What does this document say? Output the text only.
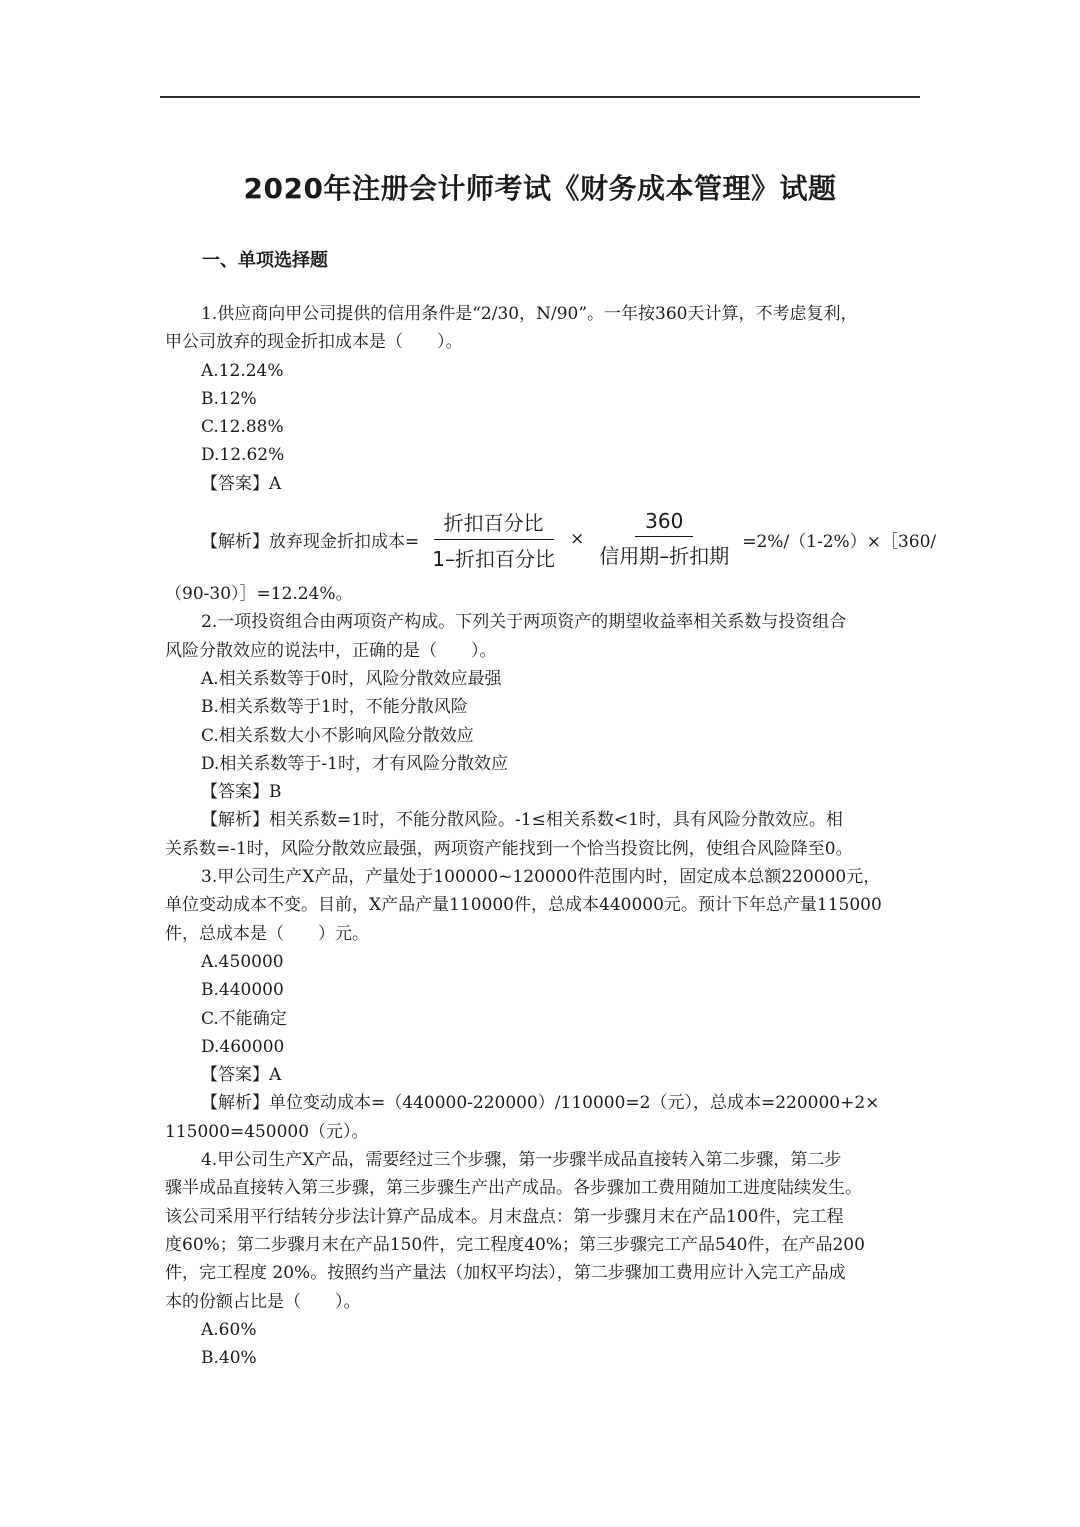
2020年注册会计师考试《财务成本管理》试题
一、单项选择题
1.供应商向甲公司提供的信用条件是“2/30，N/90”。一年按360天计算，不考虑复利，
甲公司放弃的现金折扣成本是（　　）。
A.12.24%
B.12%
C.12.88%
D.12.62%
【答案】A
【解析】放弃现金折扣成本= $\frac{\text{折扣百分比}}{\text{1–折扣百分比}} \times \frac{360}{\text{信用期–折扣期}}$ =2%/（1-2%）×［360/
（90-30）］=12.24%。
2.一项投资组合由两项资产构成。下列关于两项资产的期望收益率相关系数与投资组合
风险分散效应的说法中，正确的是（　　）。
A.相关系数等于0时，风险分散效应最强
B.相关系数等于1时，不能分散风险
C.相关系数大小不影响风险分散效应
D.相关系数等于-1时，才有风险分散效应
【答案】B
【解析】相关系数=1时，不能分散风险。-1≤相关系数<1时，具有风险分散效应。相
关系数=-1时，风险分散效应最强，两项资产能找到一个恰当投资比例，使组合风险降至0。
3.甲公司生产X产品，产量处于100000~120000件范围内时，固定成本总额220000元，
单位变动成本不变。目前，X产品产量110000件，总成本440000元。预计下年总产量115000
件，总成本是（　　）元。
A.450000
B.440000
C.不能确定
D.460000
【答案】A
【解析】单位变动成本=（440000-220000）/110000=2（元），总成本=220000+2×
115000=450000（元）。
4.甲公司生产X产品，需要经过三个步骤，第一步骤半成品直接转入第二步骤，第二步
骤半成品直接转入第三步骤，第三步骤生产出产成品。各步骤加工费用随加工进度陆续发生。
该公司采用平行结转分步法计算产品成本。月末盘点：第一步骤月末在产品100件，完工程
度60%；第二步骤月末在产品150件，完工程度40%；第三步骤完工产品540件，在产品200
件，完工程度 20%。按照约当产量法（加权平均法），第二步骤加工费用应计入完工产品成
本的份额占比是（　　）。
A.60%
B.40%
